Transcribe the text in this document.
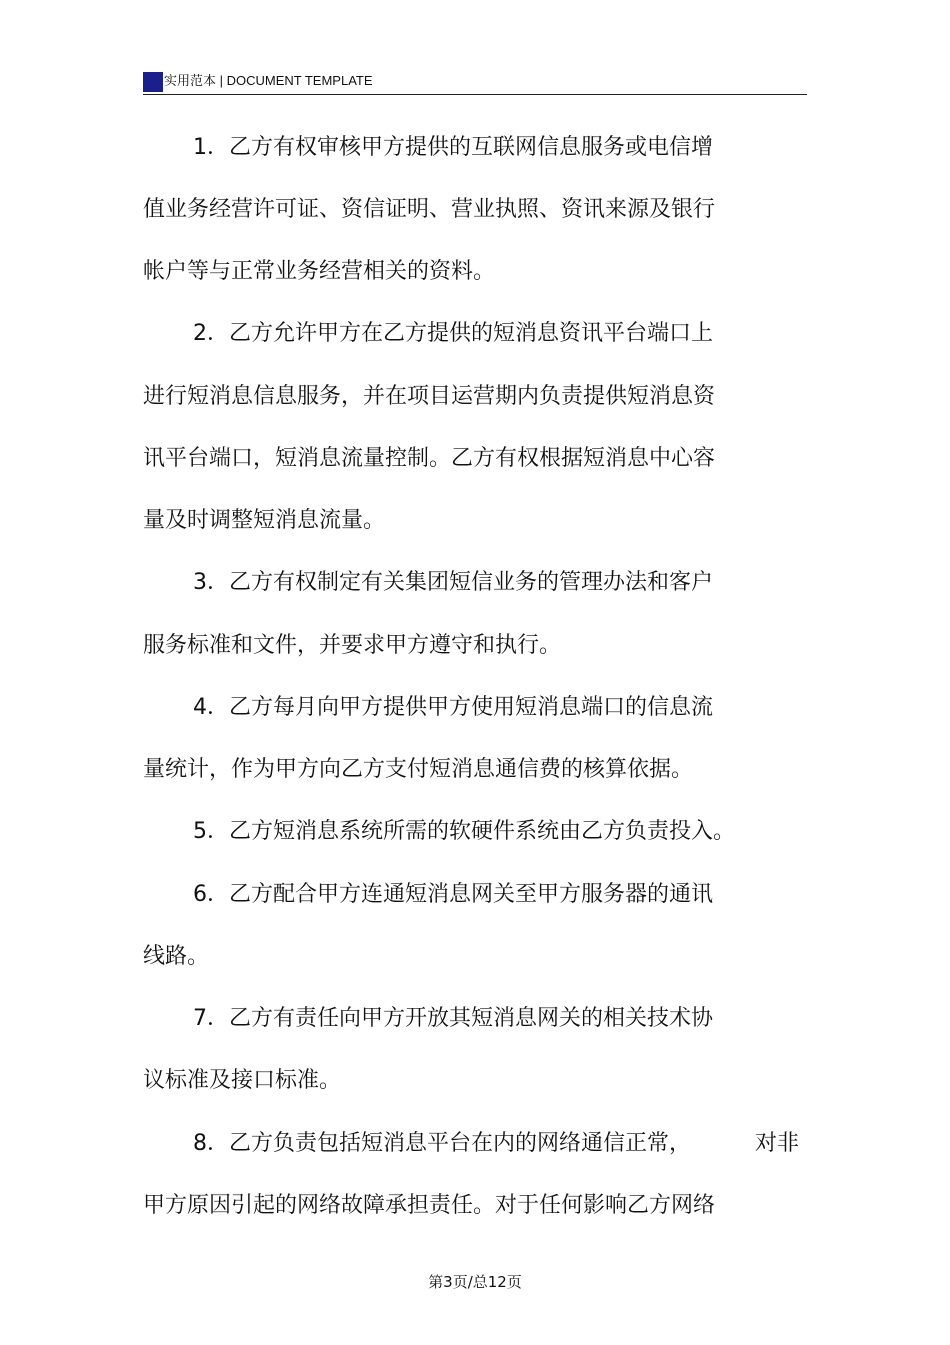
实用范本 | DOCUMENT TEMPLATE
1．乙方有权审核甲方提供的互联网信息服务或电信增
值业务经营许可证、资信证明、营业执照、资讯来源及银行
帐户等与正常业务经营相关的资料。
2．乙方允许甲方在乙方提供的短消息资讯平台端口上
进行短消息信息服务，并在项目运营期内负责提供短消息资
讯平台端口，短消息流量控制。乙方有权根据短消息中心容
量及时调整短消息流量。
3．乙方有权制定有关集团短信业务的管理办法和客户
服务标准和文件，并要求甲方遵守和执行。
4．乙方每月向甲方提供甲方使用短消息端口的信息流
量统计，作为甲方向乙方支付短消息通信费的核算依据。
5．乙方短消息系统所需的软硬件系统由乙方负责投入。
6．乙方配合甲方连通短消息网关至甲方服务器的通讯
线路。
7．乙方有责任向甲方开放其短消息网关的相关技术协
议标准及接口标准。
8．乙方负责包括短消息平台在内的网络通信正常，	对非
甲方原因引起的网络故障承担责任。对于任何影响乙方网络
第3页/总12页
